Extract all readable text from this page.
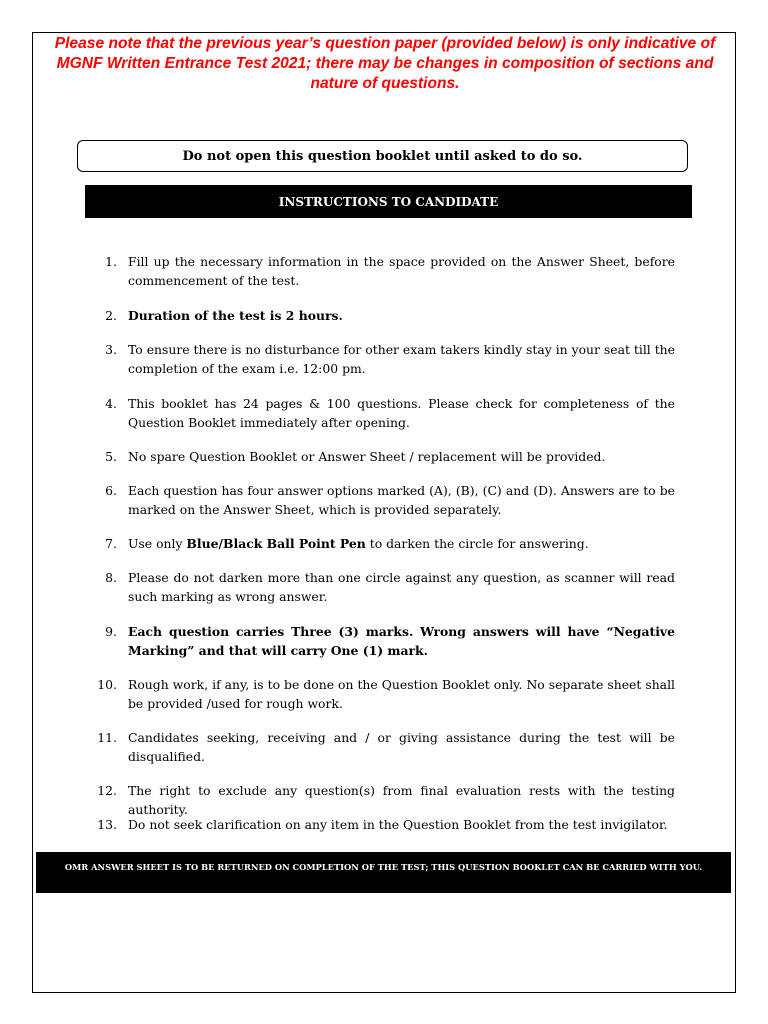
Please note that the previous year’s question paper (provided below) is only indicative of MGNF Written Entrance Test 2021; there may be changes in composition of sections and nature of questions.
Do not open this question booklet until asked to do so.
INSTRUCTIONS TO CANDIDATE
1. Fill up the necessary information in the space provided on the Answer Sheet, before commencement of the test.
2. Duration of the test is 2 hours.
3. To ensure there is no disturbance for other exam takers kindly stay in your seat till the completion of the exam i.e. 12:00 pm.
4. This booklet has 24 pages & 100 questions. Please check for completeness of the Question Booklet immediately after opening.
5. No spare Question Booklet or Answer Sheet / replacement will be provided.
6. Each question has four answer options marked (A), (B), (C) and (D). Answers are to be marked on the Answer Sheet, which is provided separately.
7. Use only Blue/Black Ball Point Pen to darken the circle for answering.
8. Please do not darken more than one circle against any question, as scanner will read such marking as wrong answer.
9. Each question carries Three (3) marks. Wrong answers will have “Negative Marking” and that will carry One (1) mark.
10. Rough work, if any, is to be done on the Question Booklet only. No separate sheet shall be provided /used for rough work.
11. Candidates seeking, receiving and / or giving assistance during the test will be disqualified.
12. The right to exclude any question(s) from final evaluation rests with the testing authority.
13. Do not seek clarification on any item in the Question Booklet from the test invigilator.
OMR ANSWER SHEET IS TO BE RETURNED ON COMPLETION OF THE TEST; THIS QUESTION BOOKLET CAN BE CARRIED WITH YOU.
